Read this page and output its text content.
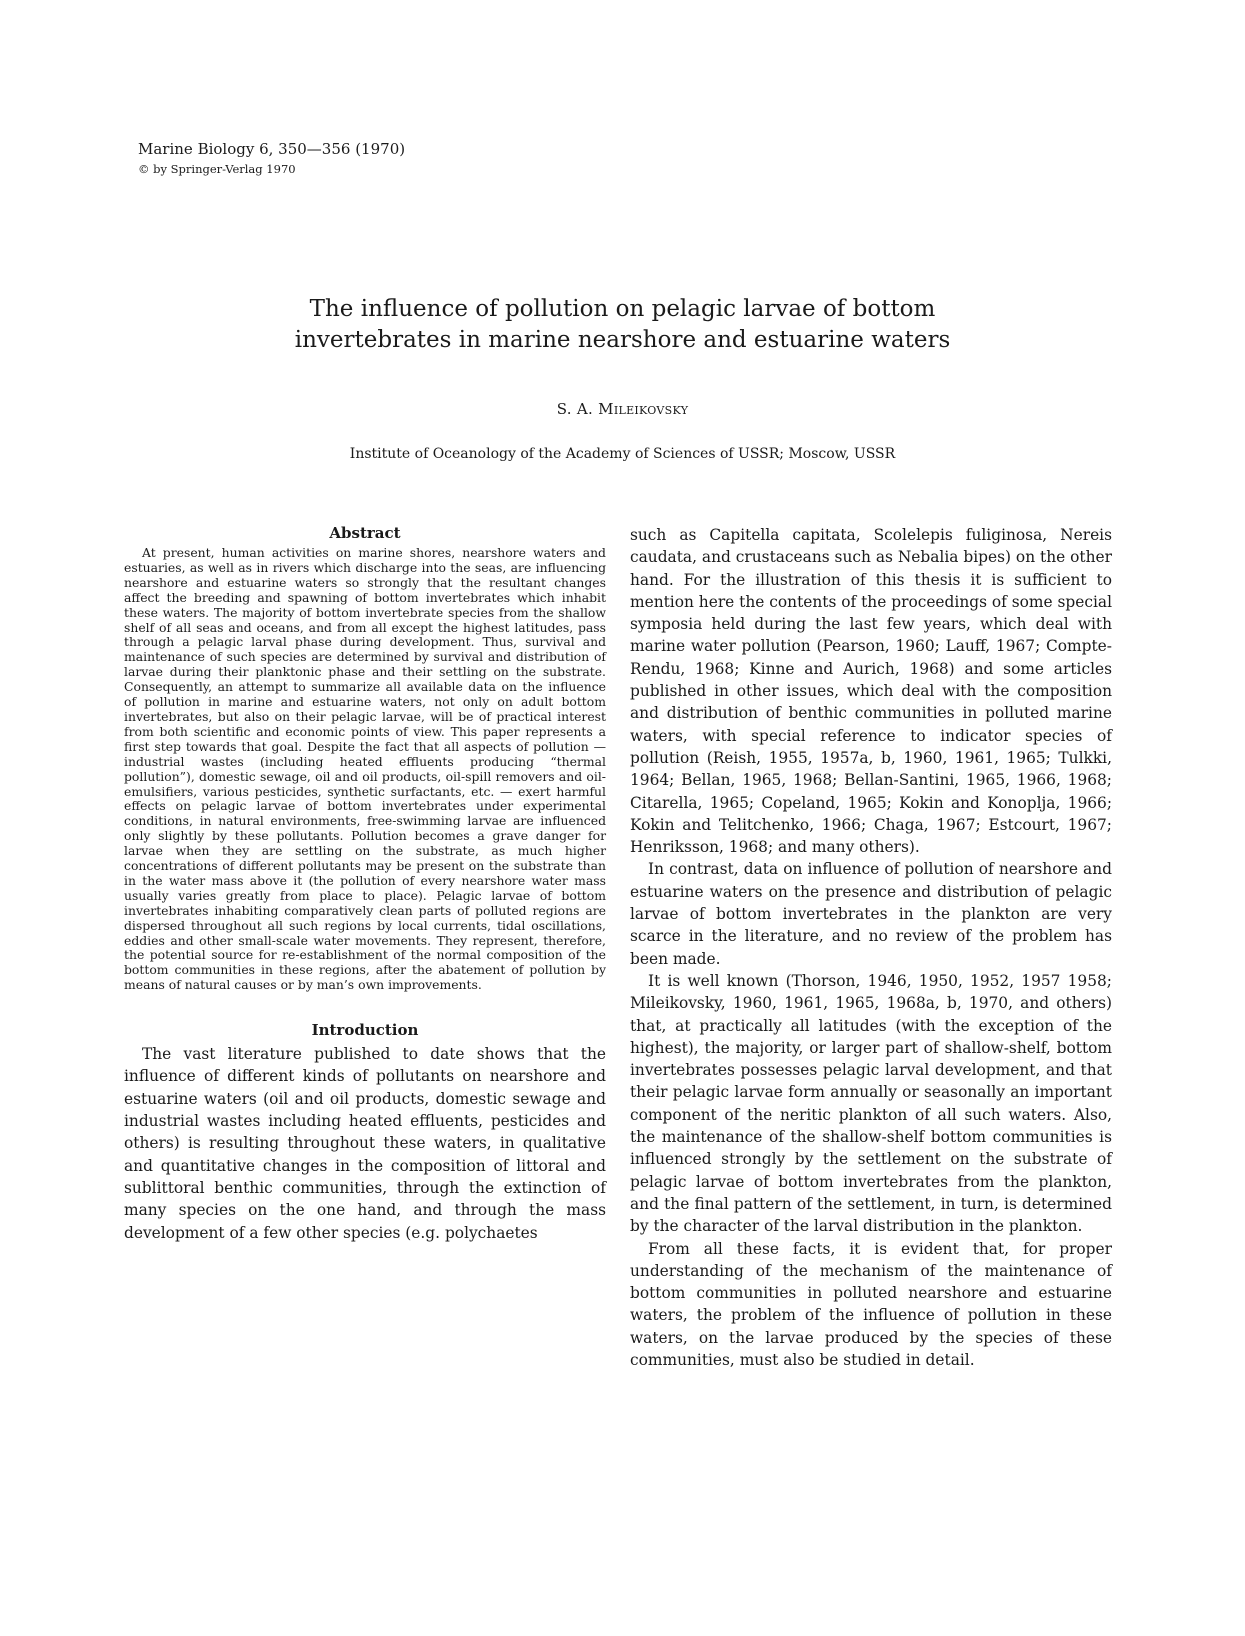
Marine Biology 6, 350—356 (1970)
© by Springer-Verlag 1970
The influence of pollution on pelagic larvae of bottom
invertebrates in marine nearshore and estuarine waters
S. A. Mileikovsky
Institute of Oceanology of the Academy of Sciences of USSR; Moscow, USSR
Abstract

At present, human activities on marine shores, nearshore waters and estuaries, as well as in rivers which discharge into the seas, are influencing nearshore and estuarine waters so strongly that the resultant changes affect the breeding and spawning of bottom invertebrates which inhabit these waters. The majority of bottom invertebrate species from the shallow shelf of all seas and oceans, and from all except the highest latitudes, pass through a pelagic larval phase during development. Thus, survival and maintenance of such species are determined by survival and distribution of larvae during their planktonic phase and their settling on the substrate. Consequently, an attempt to summarize all available data on the influence of pollution in marine and estuarine waters, not only on adult bottom invertebrates, but also on their pelagic larvae, will be of practical interest from both scientific and economic points of view. This paper represents a first step towards that goal. Despite the fact that all aspects of pollution — industrial wastes (including heated effluents producing “thermal pollution”), domestic sewage, oil and oil products, oil-spill removers and oil-emulsifiers, various pesticides, synthetic surfactants, etc. — exert harmful effects on pelagic larvae of bottom invertebrates under experimental conditions, in natural environments, free-swimming larvae are influenced only slightly by these pollutants. Pollution becomes a grave danger for larvae when they are settling on the substrate, as much higher concentrations of different pollutants may be present on the substrate than in the water mass above it (the pollution of every nearshore water mass usually varies greatly from place to place). Pelagic larvae of bottom invertebrates inhabiting comparatively clean parts of polluted regions are dispersed throughout all such regions by local currents, tidal oscillations, eddies and other small-scale water movements. They represent, therefore, the potential source for re-establishment of the normal composition of the bottom communities in these regions, after the abatement of pollution by means of natural causes or by man’s own improvements.

Introduction

The vast literature published to date shows that the influence of different kinds of pollutants on nearshore and estuarine waters (oil and oil products, domestic sewage and industrial wastes including heated effluents, pesticides and others) is resulting throughout these waters, in qualitative and quantitative changes in the composition of littoral and sublittoral benthic communities, through the extinction of many species on the one hand, and through the mass development of a few other species (e.g. polychaetes

such as Capitella capitata, Scolelepis fuliginosa, Nereis caudata, and crustaceans such as Nebalia bipes) on the other hand. For the illustration of this thesis it is sufficient to mention here the contents of the proceedings of some special symposia held during the last few years, which deal with marine water pollution (Pearson, 1960; Lauff, 1967; Compte-Rendu, 1968; Kinne and Aurich, 1968) and some articles published in other issues, which deal with the composition and distribution of benthic communities in polluted marine waters, with special reference to indicator species of pollution (Reish, 1955, 1957a, b, 1960, 1961, 1965; Tulkki, 1964; Bellan, 1965, 1968; Bellan-Santini, 1965, 1966, 1968; Citarella, 1965; Copeland, 1965; Kokin and Konoplja, 1966; Kokin and Telitchenko, 1966; Chaga, 1967; Estcourt, 1967; Henriksson, 1968; and many others).

In contrast, data on influence of pollution of nearshore and estuarine waters on the presence and distribution of pelagic larvae of bottom invertebrates in the plankton are very scarce in the literature, and no review of the problem has been made.

It is well known (Thorson, 1946, 1950, 1952, 1957 1958; Mileikovsky, 1960, 1961, 1965, 1968a, b, 1970, and others) that, at practically all latitudes (with the exception of the highest), the majority, or larger part of shallow-shelf, bottom invertebrates possesses pelagic larval development, and that their pelagic larvae form annually or seasonally an important component of the neritic plankton of all such waters. Also, the maintenance of the shallow-shelf bottom communities is influenced strongly by the settlement on the substrate of pelagic larvae of bottom invertebrates from the plankton, and the final pattern of the settlement, in turn, is determined by the character of the larval distribution in the plankton.

From all these facts, it is evident that, for proper understanding of the mechanism of the maintenance of bottom communities in polluted nearshore and estuarine waters, the problem of the influence of pollution in these waters, on the larvae produced by the species of these communities, must also be studied in detail.
